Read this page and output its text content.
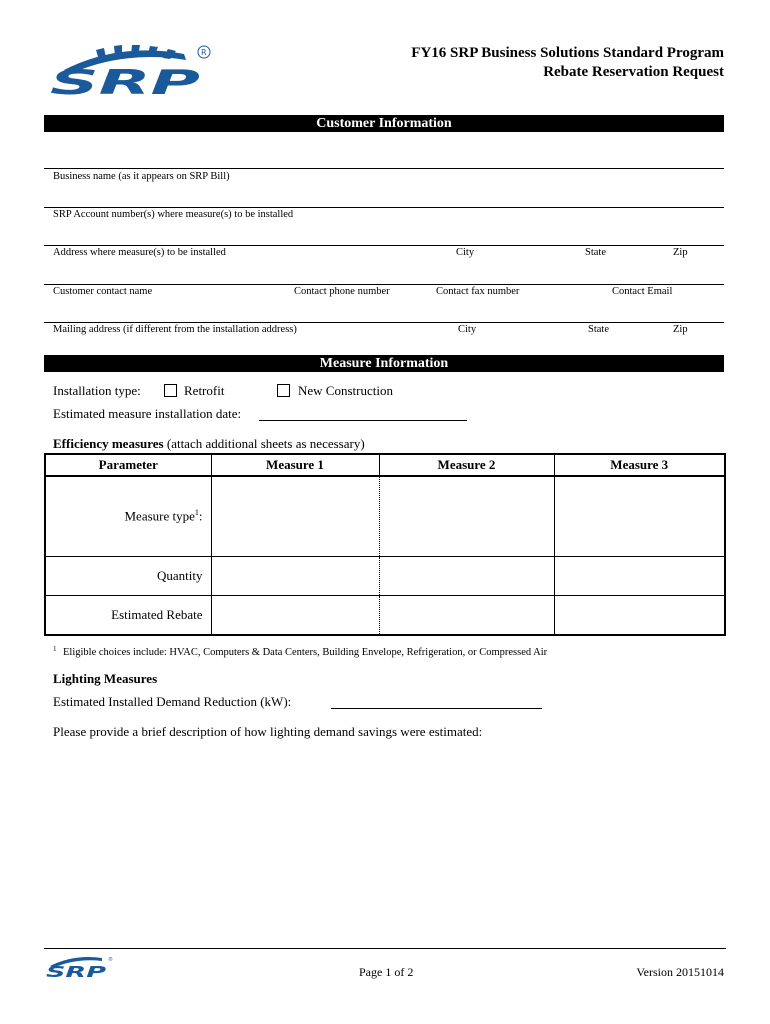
SRP
R	FY16 SRP Business Solutions Standard Program
Rebate Reservation Request
Customer Information
Business name (as it appears on SRP Bill)
SRP Account number(s) where measure(s) to be installed
Address where measure(s) to be installed	City	State	Zip
Customer contact name	Contact phone number	Contact fax number	Contact Email
Mailing address (if different from the installation address)	City	State	Zip
Measure Information
Installation type:	Retrofit	New Construction
Estimated measure installation date:
Efficiency measures (attach additional sheets as necessary)
Parameter	Measure 1	Measure 2	Measure 3
Measure type$^1$:			
Quantity			
Estimated Rebate			
1 Eligible choices include: HVAC, Computers & Data Centers, Building Envelope, Refrigeration, or Compressed Air
Lighting Measures
Estimated Installed Demand Reduction (kW):
Please provide a brief description of how lighting demand savings were estimated:
SRP
®
Page 1 of 2	Version 20151014
